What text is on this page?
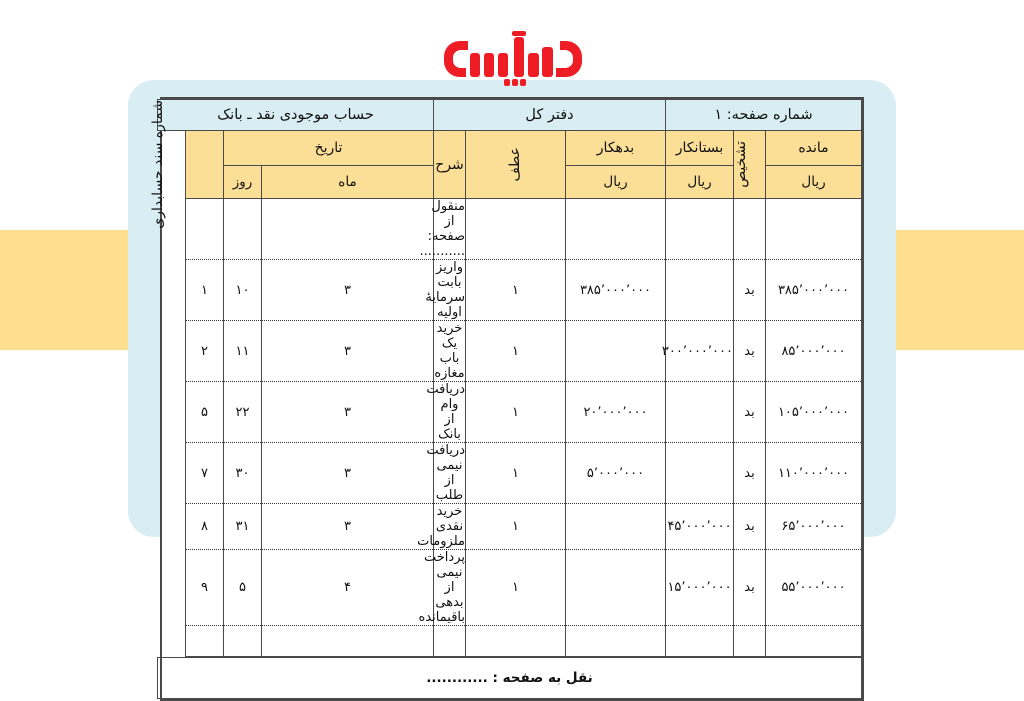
شماره صفحه: ۱			دفتر کل			حساب موجودی نقد ـ بانک		
مانده	تشخیص	بستانکار	بدهکار	عطف	شرح	تاریخ		شماره سند حسابداری
ریال		ریال	ریال			ماه	روز	
					منقول از صفحه: ...........			
۳۸۵٬۰۰۰٬۰۰۰	بد		۳۸۵٬۰۰۰٬۰۰۰	۱	واریز بابت سرمایۀ اولیه	۳	۱۰	۱
۸۵٬۰۰۰٬۰۰۰	بد	۳۰۰٬۰۰۰٬۰۰۰		۱	خرید یک باب مغازه	۳	۱۱	۲
۱۰۵٬۰۰۰٬۰۰۰	بد		۲۰٬۰۰۰٬۰۰۰	۱	دریافت وام از بانک	۳	۲۲	۵
۱۱۰٬۰۰۰٬۰۰۰	بد		۵٬۰۰۰٬۰۰۰	۱	دریافت نیمی از طلب	۳	۳۰	۷
۶۵٬۰۰۰٬۰۰۰	بد	۴۵٬۰۰۰٬۰۰۰		۱	خرید نقدی ملزومات	۳	۳۱	۸
۵۵٬۰۰۰٬۰۰۰	بد	۱۵٬۰۰۰٬۰۰۰		۱	پرداخت نیمی از بدهی باقیمانده	۴	۵	۹

نقل به صفحه : ............								
